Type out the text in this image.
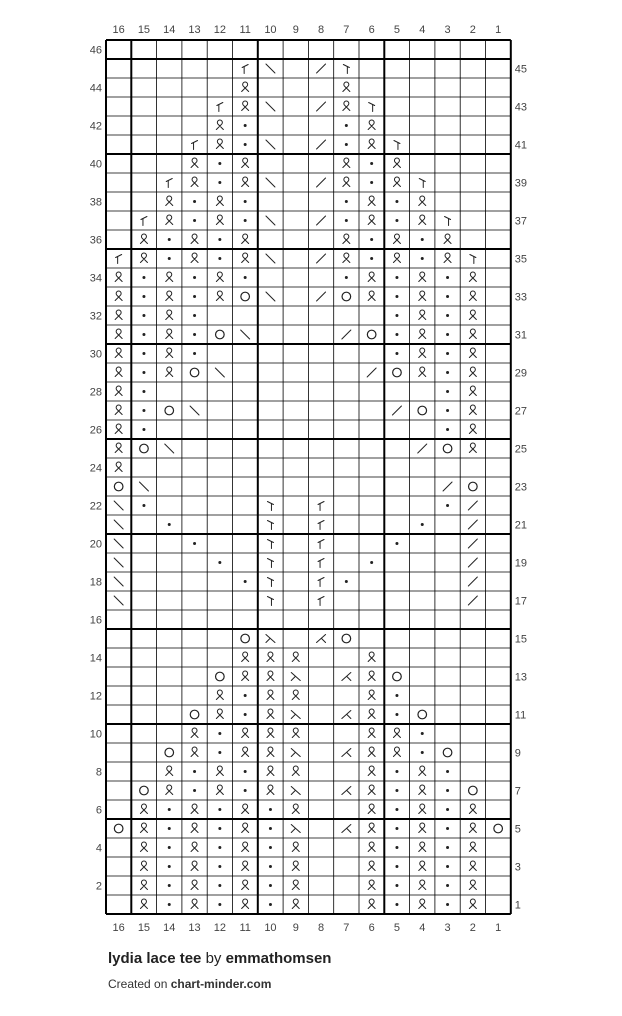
1
1
2
2
3
3
4
4
5
5
6
6
7
7
8
8
9
9
10
10
11
11
12
12
13
13
14
14
15
15
16
16
1
2
3
4
5
6
7
8
9
10
11
12
13
14
15
16
17
18
19
20
21
22
23
24
25
26
27
28
29
30
31
32
33
34
35
36
37
38
39
40
41
42
43
44
45
46
lydia lace tee by emmathomsen
Created on chart-minder.com
